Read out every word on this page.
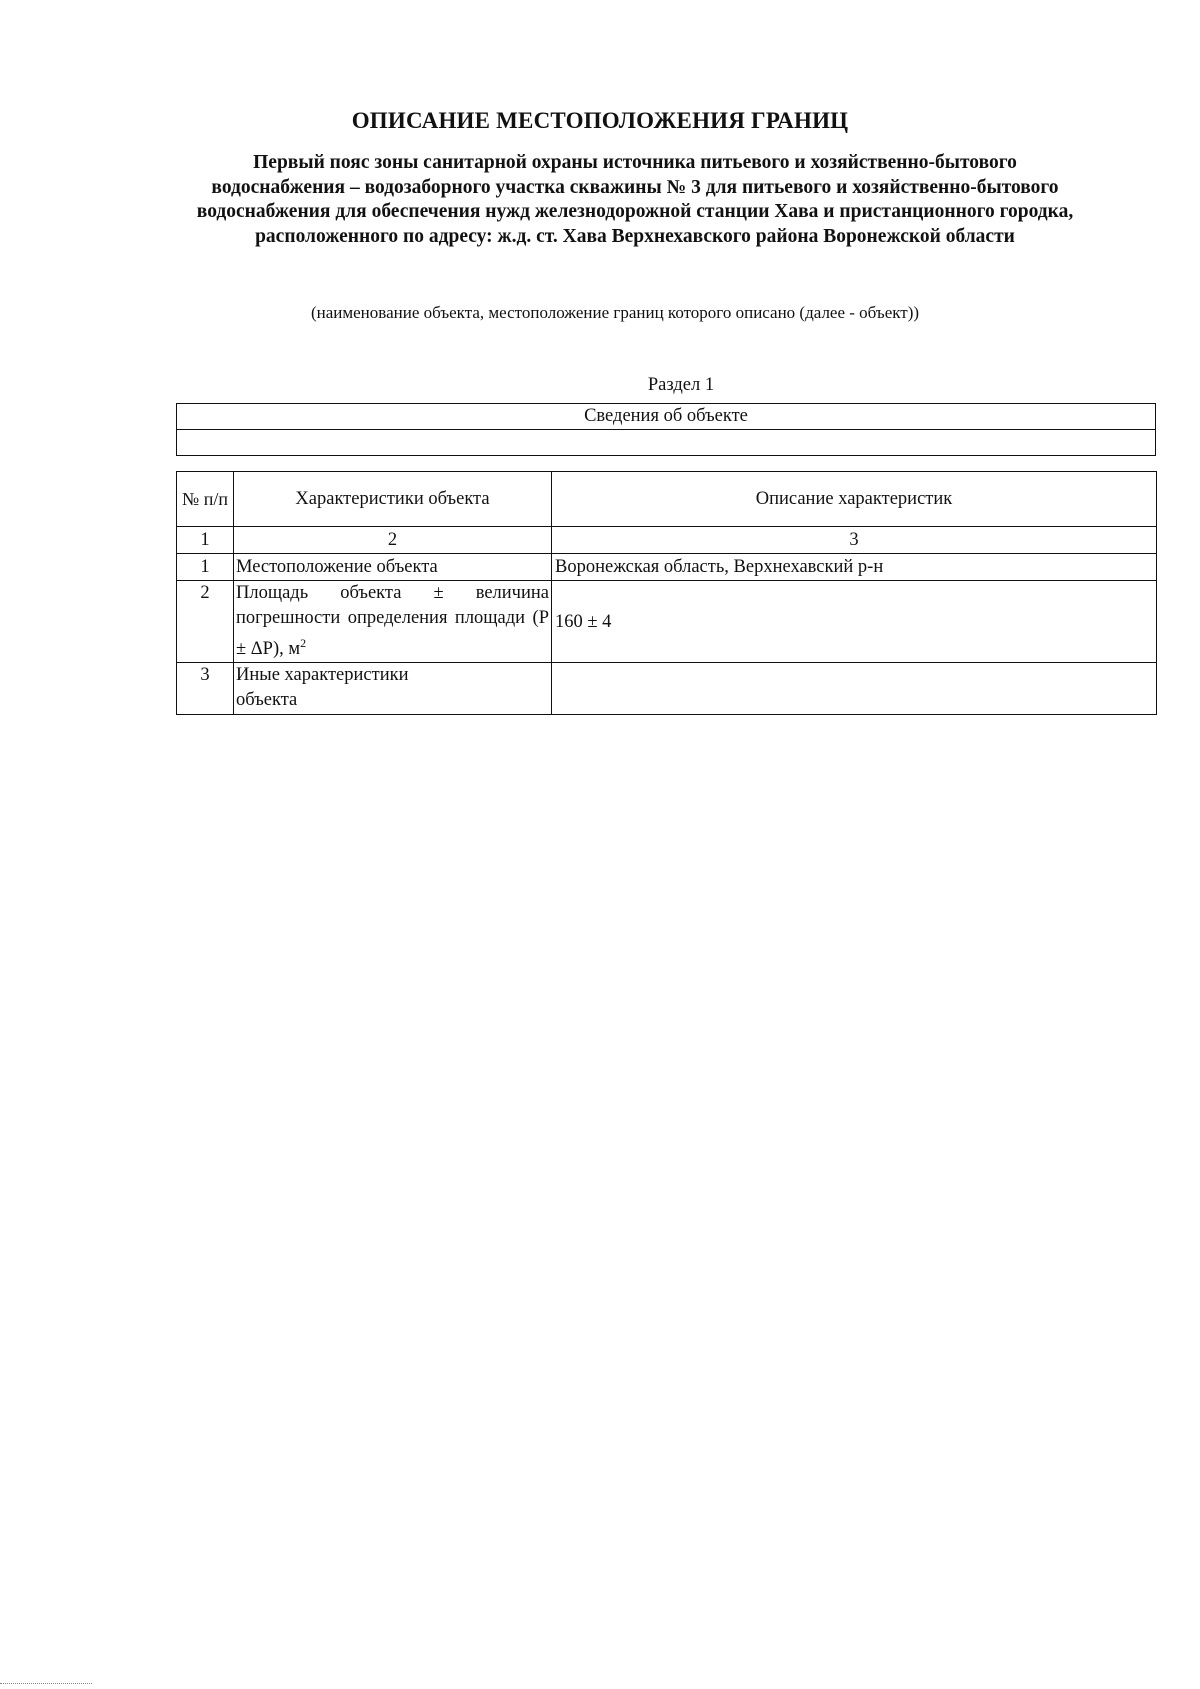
ОПИСАНИЕ МЕСТОПОЛОЖЕНИЯ ГРАНИЦ

Первый пояс зоны санитарной охраны источника питьевого и хозяйственно-бытового водоснабжения – водозаборного участка скважины № 3 для питьевого и хозяйственно-бытового водоснабжения для обеспечения нужд железнодорожной станции Хава и пристанционного городка, расположенного по адресу: ж.д. ст. Хава Верхнехавского района Воронежской области

(наименование объекта, местоположение границ которого описано (далее - объект))

Раздел 1

Сведения об объекте

№ п/п	Характеристики объекта	Описание характеристик
1	2	3
1	Местоположение объекта	Воронежская область, Верхнехавский р-н
2	Площадь объекта ± величина погрешности определения площади (Р ± ΔР), $м^2$	160 ± 4
3	Иные характеристики объекта	
